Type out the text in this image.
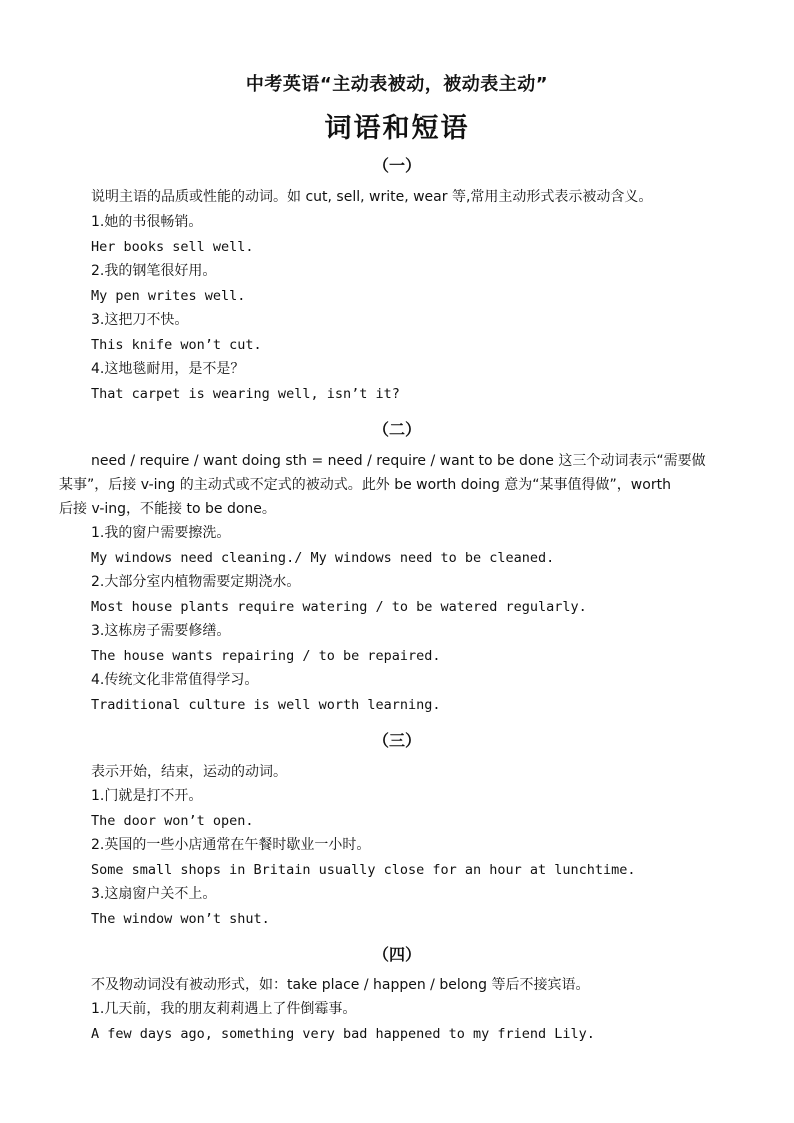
中考英语“主动表被动，被动表主动”
词语和短语
（一）
说明主语的品质或性能的动词。如 cut, sell, write, wear 等,常用主动形式表示被动含义。
1.她的书很畅销。
Her books sell well.
2.我的钢笔很好用。
My pen writes well.
3.这把刀不快。
This knife won’t cut.
4.这地毯耐用，是不是？
That carpet is wearing well, isn’t it?
（二）
need / require / want doing sth = need / require / want to be done 这三个动词表示“需要做
某事”，后接 v-ing 的主动式或不定式的被动式。此外 be worth doing 意为“某事值得做”，worth
后接 v-ing，不能接 to be done。
1.我的窗户需要擦洗。
My windows need cleaning./ My windows need to be cleaned.
2.大部分室内植物需要定期浇水。
Most house plants require watering / to be watered regularly.
3.这栋房子需要修缮。
The house wants repairing / to be repaired.
4.传统文化非常值得学习。
Traditional culture is well worth learning.
（三）
表示开始，结束，运动的动词。
1.门就是打不开。
The door won’t open.
2.英国的一些小店通常在午餐时歇业一小时。
Some small shops in Britain usually close for an hour at lunchtime.
3.这扇窗户关不上。
The window won’t shut.
（四）
不及物动词没有被动形式，如：take place / happen / belong 等后不接宾语。
1.几天前，我的朋友莉莉遇上了件倒霉事。
A few days ago, something very bad happened to my friend Lily.
